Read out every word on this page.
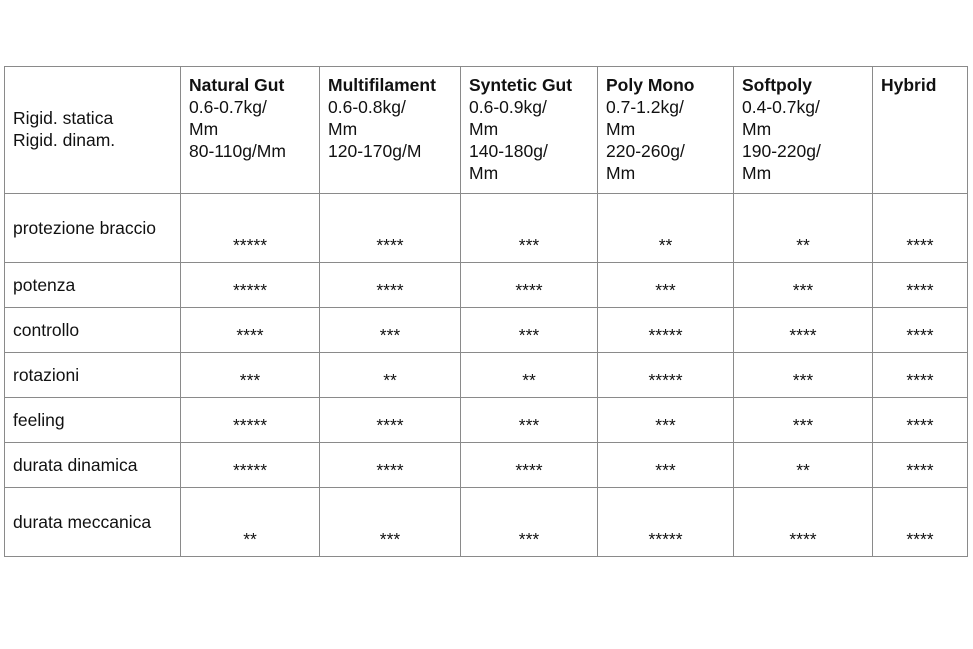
Rigid. statica
Rigid. dinam.	Natural Gut
0.6-0.7kg/
Mm
80-110g/Mm	Multifilament
0.6-0.8kg/
Mm
120-170g/M	Syntetic Gut
0.6-0.9kg/
Mm
140-180g/
Mm	Poly Mono
0.7-1.2kg/
Mm
220-260g/
Mm	Softpoly
0.4-0.7kg/
Mm
190-220g/
Mm	Hybrid

protezione braccio	*****	****	***	**	**	****
potenza	*****	****	****	***	***	****
controllo	****	***	***	*****	****	****
rotazioni	***	**	**	*****	***	****
feeling	*****	****	***	***	***	****
durata dinamica	*****	****	****	***	**	****
durata meccanica	**	***	***	*****	****	****
